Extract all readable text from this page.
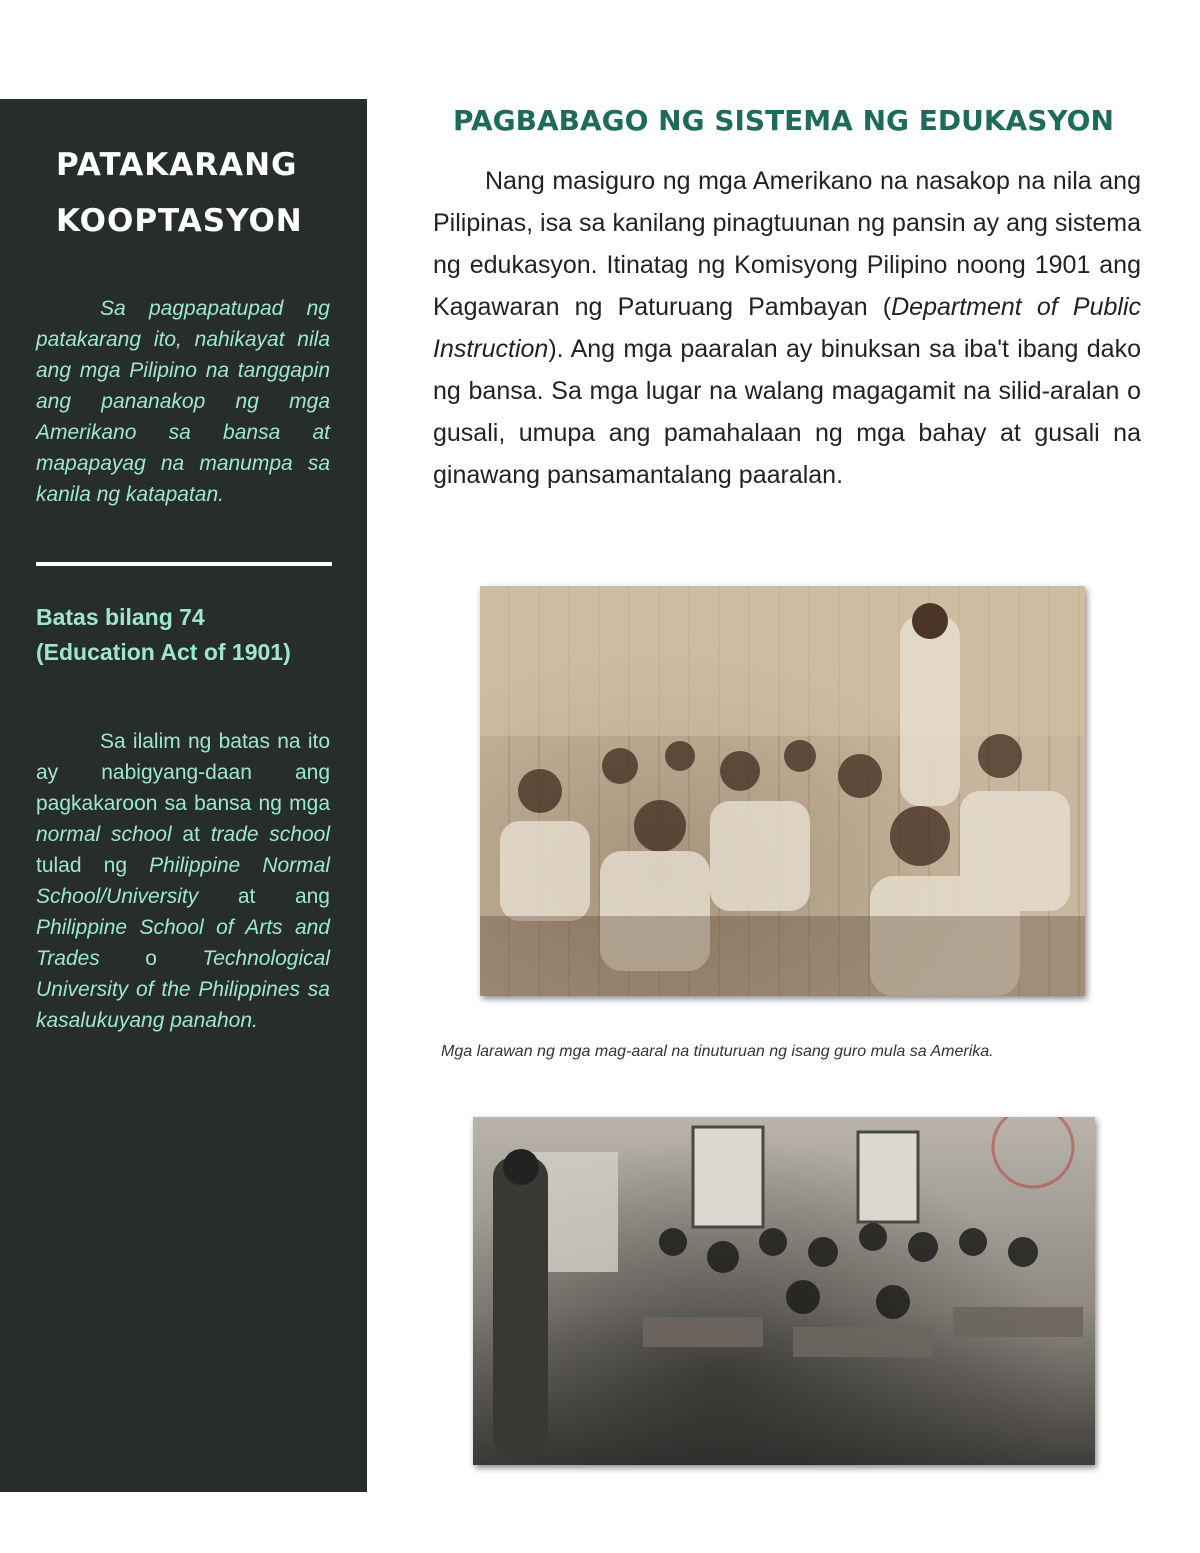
PATAKARANG
KOOPTASYON

Sa pagpapatupad ng patakarang ito, nahikayat nila ang mga Pilipino na tanggapin ang pananakop ng mga Amerikano sa bansa at mapapayag na manumpa sa kanila ng katapatan.

Batas bilang 74
(Education Act of 1901)

Sa ilalim ng batas na ito ay nabigyang-daan ang pagkakaroon sa bansa ng mga normal school at trade school tulad ng Philippine Normal School/University at ang Philippine School of Arts and Trades o Technological University of the Philippines sa kasalukuyang panahon.

PAGBABAGO NG SISTEMA NG EDUKASYON

Nang masiguro ng mga Amerikano na nasakop na nila ang Pilipinas, isa sa kanilang pinagtuunan ng pansin ay ang sistema ng edukasyon. Itinatag ng Komisyong Pilipino noong 1901 ang Kagawaran ng Paturuang Pambayan (Department of Public Instruction). Ang mga paaralan ay binuksan sa iba't ibang dako ng bansa. Sa mga lugar na walang magagamit na silid-aralan o gusali, umupa ang pamahalaan ng mga bahay at gusali na ginawang pansamantalang paaralan.

Mga larawan ng mga mag-aaral na tinuturuan ng isang guro mula sa Amerika.
